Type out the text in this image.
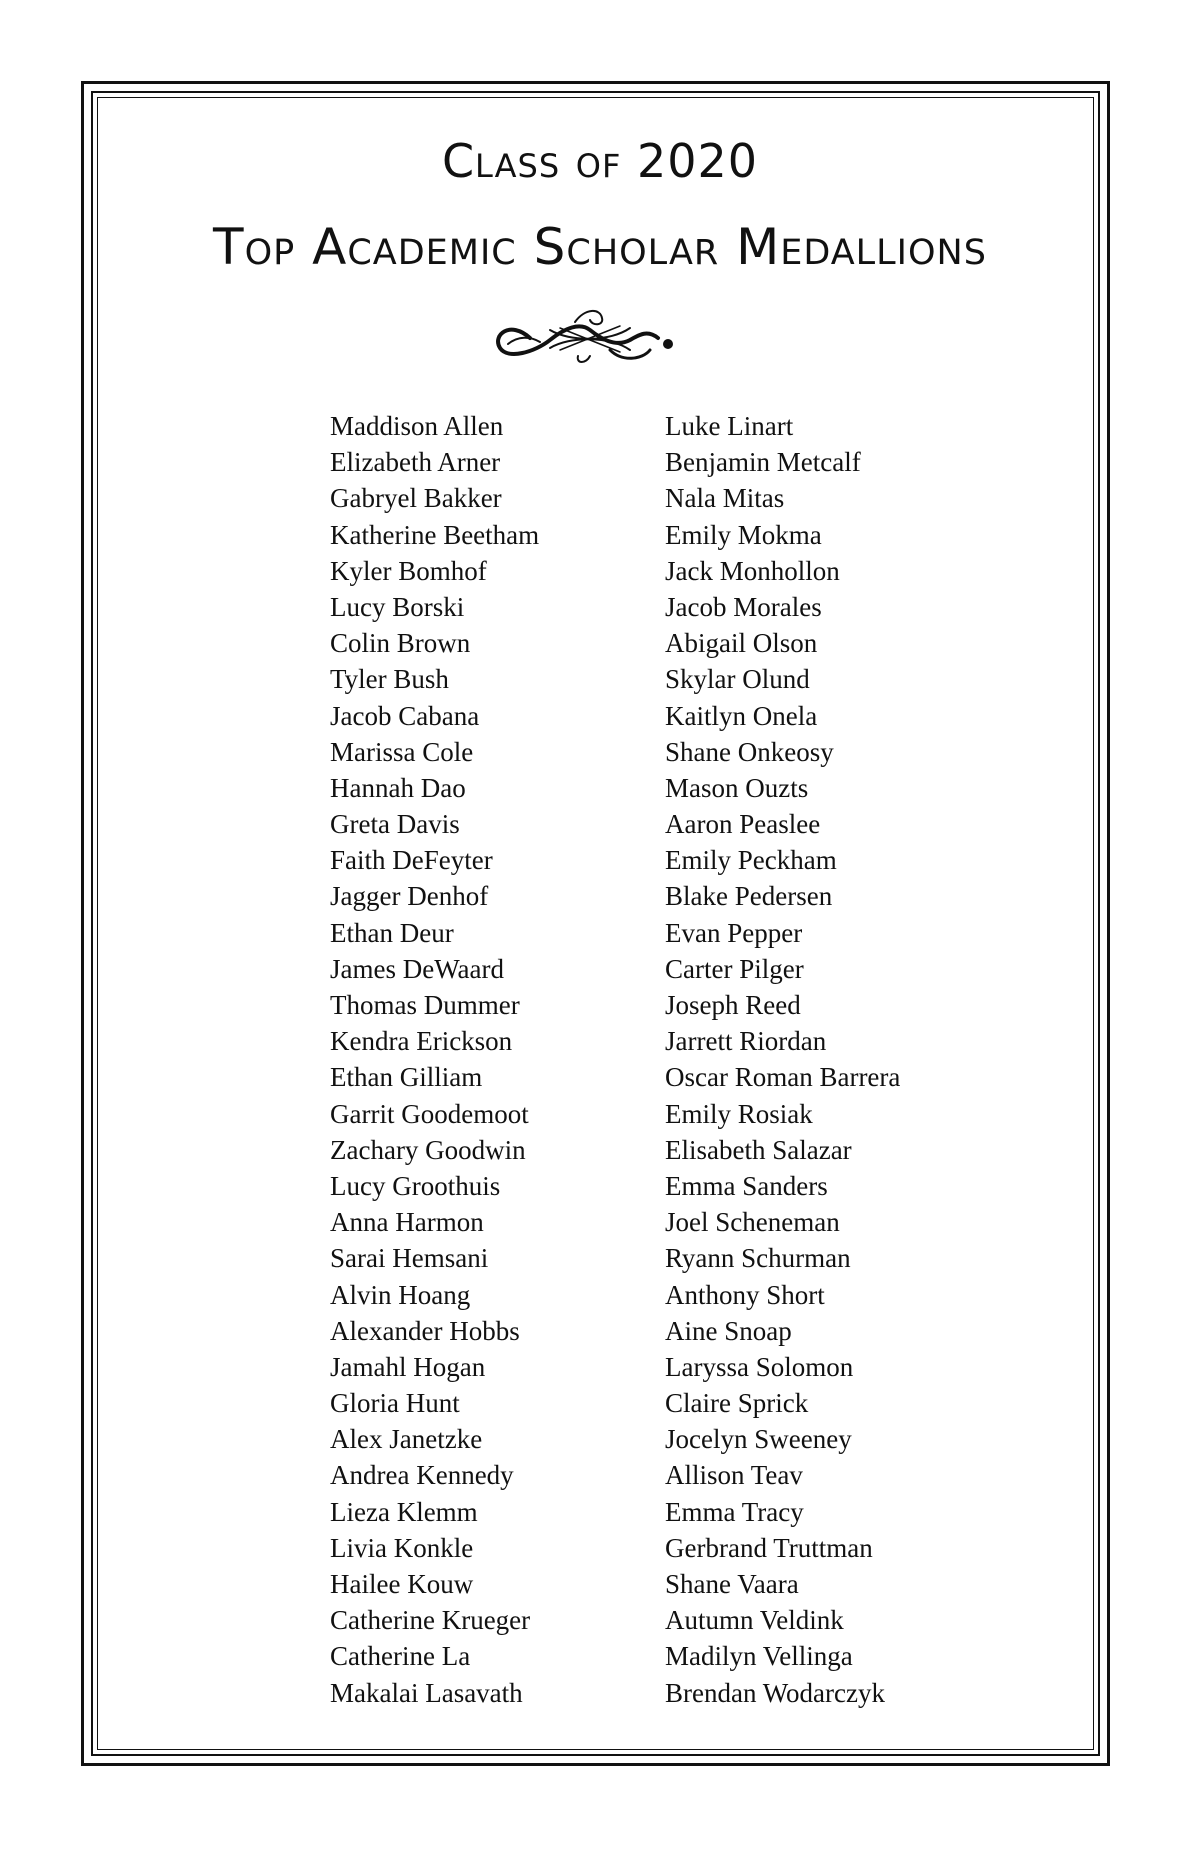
Class of 2020
Top Academic Scholar Medallions
Maddison Allen
Elizabeth Arner
Gabryel Bakker
Katherine Beetham
Kyler Bomhof
Lucy Borski
Colin Brown
Tyler Bush
Jacob Cabana
Marissa Cole
Hannah Dao
Greta Davis
Faith DeFeyter
Jagger Denhof
Ethan Deur
James DeWaard
Thomas Dummer
Kendra Erickson
Ethan Gilliam
Garrit Goodemoot
Zachary Goodwin
Lucy Groothuis
Anna Harmon
Sarai Hemsani
Alvin Hoang
Alexander Hobbs
Jamahl Hogan
Gloria Hunt
Alex Janetzke
Andrea Kennedy
Lieza Klemm
Livia Konkle
Hailee Kouw
Catherine Krueger
Catherine La
Makalai Lasavath
Luke Linart
Benjamin Metcalf
Nala Mitas
Emily Mokma
Jack Monhollon
Jacob Morales
Abigail Olson
Skylar Olund
Kaitlyn Onela
Shane Onkeosy
Mason Ouzts
Aaron Peaslee
Emily Peckham
Blake Pedersen
Evan Pepper
Carter Pilger
Joseph Reed
Jarrett Riordan
Oscar Roman Barrera
Emily Rosiak
Elisabeth Salazar
Emma Sanders
Joel Scheneman
Ryann Schurman
Anthony Short
Aine Snoap
Laryssa Solomon
Claire Sprick
Jocelyn Sweeney
Allison Teav
Emma Tracy
Gerbrand Truttman
Shane Vaara
Autumn Veldink
Madilyn Vellinga
Brendan Wodarczyk
